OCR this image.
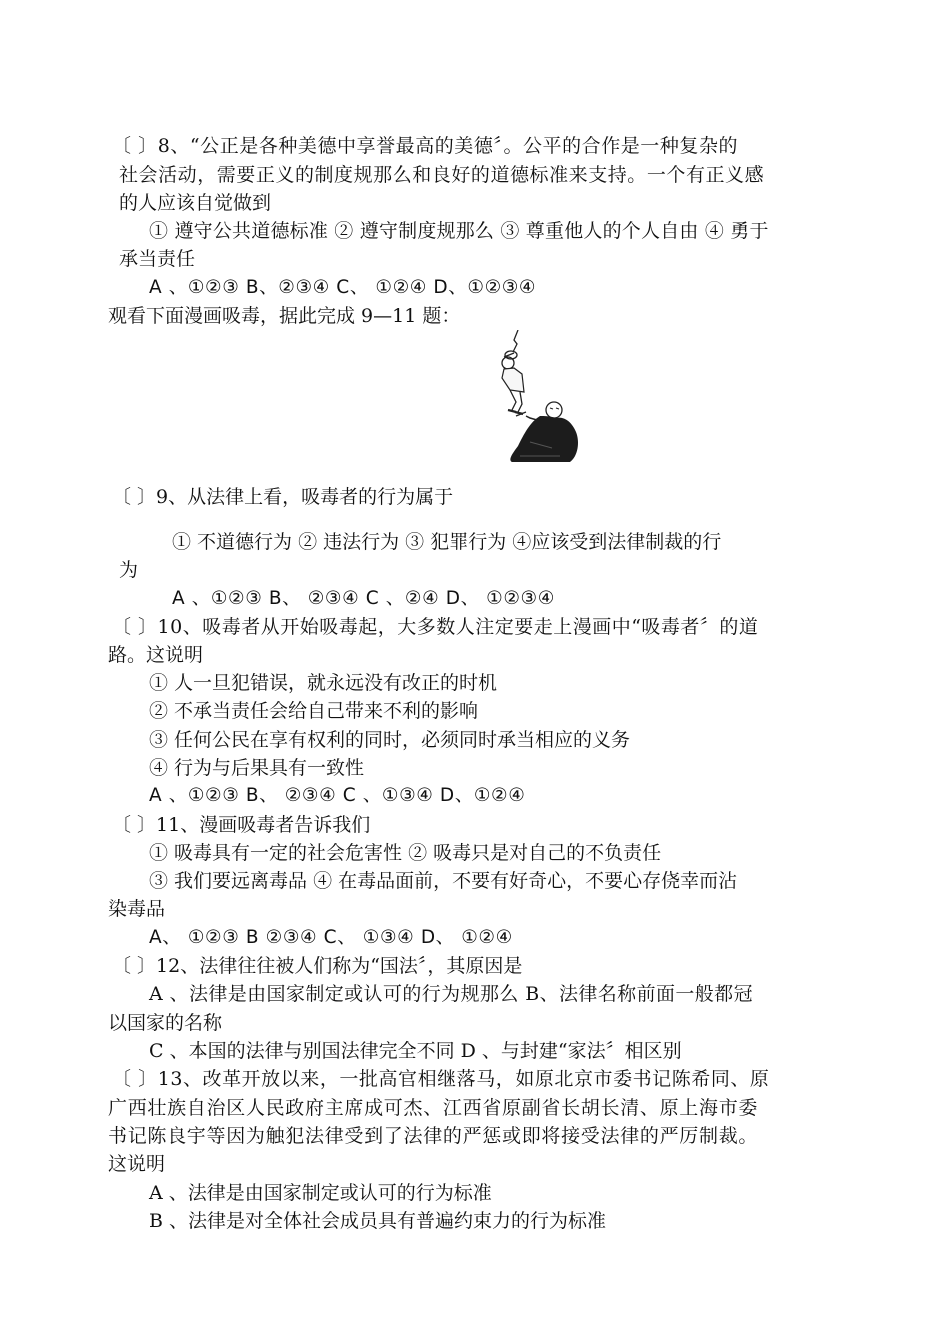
〔 〕8、“公正是各种美德中享誉最高的美德〞。公平的合作是一种复杂的
社会活动，需要正义的制度规那么和良好的道德标准来支持。一个有正义感
的人应该自觉做到
① 遵守公共道德标准 ② 遵守制度规那么 ③ 尊重他人的个人自由 ④ 勇于
承当责任
A 、①②③ B、②③④ C、 ①②④ D、①②③④
观看下面漫画吸毒，据此完成 9—11 题：
〔 〕9、从法律上看，吸毒者的行为属于
① 不道德行为 ② 违法行为 ③ 犯罪行为 ④应该受到法律制裁的行
为
A 、①②③ B、 ②③④ C 、②④ D、 ①②③④
〔 〕10、吸毒者从开始吸毒起，大多数人注定要走上漫画中“吸毒者〞的道
路。这说明
① 人一旦犯错误，就永远没有改正的时机
② 不承当责任会给自己带来不利的影响
③ 任何公民在享有权利的同时，必须同时承当相应的义务
④ 行为与后果具有一致性
A 、①②③ B、 ②③④ C 、①③④ D、①②④
〔 〕11、漫画吸毒者告诉我们
① 吸毒具有一定的社会危害性 ② 吸毒只是对自己的不负责任
③ 我们要远离毒品 ④ 在毒品面前，不要有好奇心，不要心存侥幸而沾
染毒品
A、 ①②③ B ②③④ C、 ①③④ D、 ①②④
〔 〕12、法律往往被人们称为“国法〞，其原因是
A 、法律是由国家制定或认可的行为规那么 B、法律名称前面一般都冠
以国家的名称
C 、本国的法律与别国法律完全不同 D 、与封建“家法〞相区别
〔 〕13、改革开放以来，一批高官相继落马，如原北京市委书记陈希同、原
广西壮族自治区人民政府主席成可杰、江西省原副省长胡长清、原上海市委
书记陈良宇等因为触犯法律受到了法律的严惩或即将接受法律的严厉制裁。
这说明
A 、法律是由国家制定或认可的行为标准
B 、法律是对全体社会成员具有普遍约束力的行为标准
